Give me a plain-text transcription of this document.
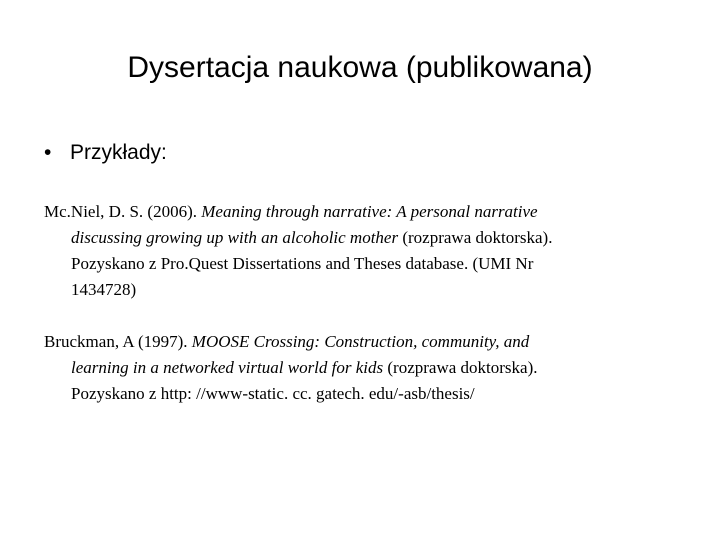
Dysertacja naukowa (publikowana)
• Przykłady:
Mc.Niel, D. S. (2006). Meaning through narrative: A personal narrative
discussing growing up with an alcoholic mother (rozprawa doktorska).
Pozyskano z Pro.Quest Dissertations and Theses database. (UMI Nr
1434728)
Bruckman, A (1997). MOOSE Crossing: Construction, community, and
learning in a networked virtual world for kids (rozprawa doktorska).
Pozyskano z http: //www-static. cc. gatech. edu/-asb/thesis/
